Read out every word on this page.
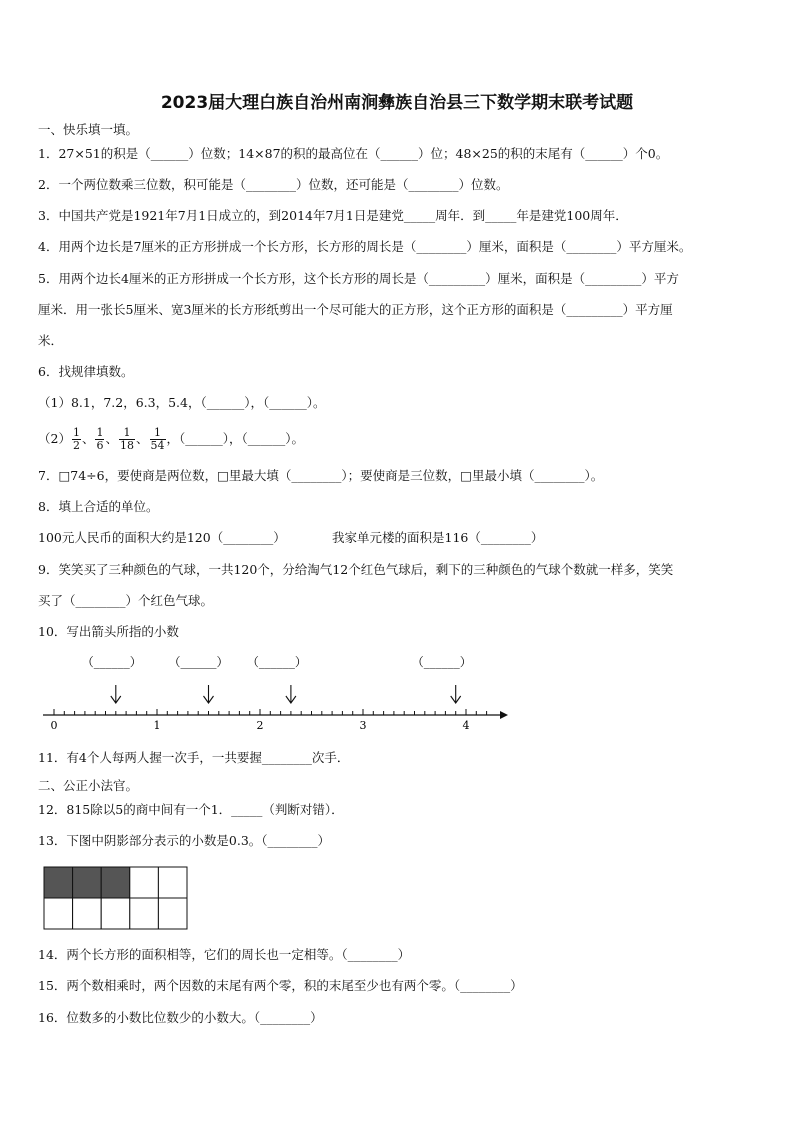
2023届大理白族自治州南涧彝族自治县三下数学期末联考试题
一、快乐填一填。
1．27×51的积是（______）位数；14×87的积的最高位在（______）位；48×25的积的末尾有（______）个0。
2．一个两位数乘三位数，积可能是（________）位数，还可能是（________）位数。
3．中国共产党是1921年7月1日成立的，到2014年7月1日是建党_____周年．到_____年是建党100周年．
4．用两个边长是7厘米的正方形拼成一个长方形，长方形的周长是（________）厘米，面积是（________）平方厘米。
5．用两个边长4厘米的正方形拼成一个长方形，这个长方形的周长是（_________）厘米，面积是（_________）平方
厘米．用一张长5厘米、宽3厘米的长方形纸剪出一个尽可能大的正方形，这个正方形的面积是（_________）平方厘
米．
6．找规律填数。
（1）8.1，7.2，6.3，5.4，（______），（______）。
$(2) \frac{1}{2}$ 、 $\frac{1}{6}$ 、 $\frac{1}{18}$ 、 $\frac{1}{54}$ ，（______），（______）。
7．□74÷6，要使商是两位数，□里最大填（________）；要使商是三位数，□里最小填（________）。
8．填上合适的单位。
100元人民币的面积大约是120（________）	我家单元楼的面积是116（________）
9．笑笑买了三种颜色的气球，一共120个，分给淘气12个红色气球后，剩下的三种颜色的气球个数就一样多，笑笑
买了（________）个红色气球。
10．写出箭头所指的小数
（______） （______） （______）	（______）
0	1	2	3	4
11．有4个人每两人握一次手，一共要握________次手．
二、公正小法官。
12．815除以5的商中间有一个1．_____（判断对错）．
13．下图中阴影部分表示的小数是0.3。（________）
14．两个长方形的面积相等，它们的周长也一定相等。（________）
15．两个数相乘时，两个因数的末尾有两个零，积的末尾至少也有两个零。（________）
16．位数多的小数比位数少的小数大。（________）
